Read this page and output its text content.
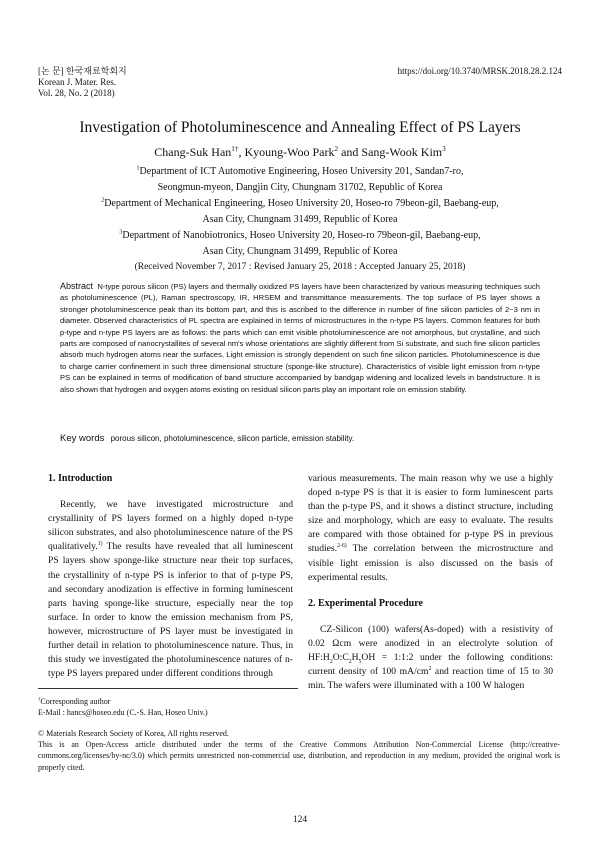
[논 문] 한국재료학회지
Korean J. Mater. Res.
Vol. 28, No. 2 (2018)
https://doi.org/10.3740/MRSK.2018.28.2.124
Investigation of Photoluminescence and Annealing Effect of PS Layers
Chang-Suk Han$^{1\dagger}$, Kyoung-Woo Park$^2$ and Sang-Wook Kim$^3$
$^1$Department of ICT Automotive Engineering, Hoseo University 201, Sandan7-ro,
Seongmun-myeon, Dangjin City, Chungnam 31702, Republic of Korea
$^2$Department of Mechanical Engineering, Hoseo University 20, Hoseo-ro 79beon-gil, Baebang-eup,
Asan City, Chungnam 31499, Republic of Korea
$^3$Department of Nanobiotronics, Hoseo University 20, Hoseo-ro 79beon-gil, Baebang-eup,
Asan City, Chungnam 31499, Republic of Korea
(Received November 7, 2017 : Revised January 25, 2018 : Accepted January 25, 2018)
Abstract N-type porous silicon (PS) layers and thermally oxidized PS layers have been characterized by various measuring techniques such as photoluminescence (PL), Raman spectroscopy, IR, HRSEM and transmittance measurements. The top surface of PS layer shows a stronger photoluminescence peak than its bottom part, and this is ascribed to the difference in number of fine silicon particles of 2~3 nm in diameter. Observed characteristics of PL spectra are explained in terms of microstructures in the n-type PS layers. Common features for both p-type and n-type PS layers are as follows: the parts which can emit visible photoluminescence are not amorphous, but crystalline, and such parts are composed of nanocrystallites of several nm's whose orientations are slightly different from Si substrate, and such fine silicon particles absorb much hydrogen atoms near the surfaces. Light emission is strongly dependent on such fine silicon particles. Photoluminescence is due to charge carrier confinement in such three dimensional structure (sponge-like structure). Characteristics of visible light emission from n-type PS can be explained in terms of modification of band structure accompanied by bandgap widening and localized levels in bandstructure. It is also shown that hydrogen and oxygen atoms existing on residual silicon parts play an important role on emission stability.
Key words porous silicon, photoluminescence, silicon particle, emission stability.
1. Introduction

Recently, we have investigated microstructure and crystallinity of PS layers formed on a highly doped n-type silicon substrates, and also photoluminescence nature of the PS qualitatively.$^{1)}$ The results have revealed that all luminescent PS layers show sponge-like structure near their top surfaces, the crystallinity of n-type PS is inferior to that of p-type PS, and secondary anodization is effective in forming luminescent parts having sponge-like structure, especially near the top surface. In order to know the emission mechanism from PS, however, microstructure of PS layer must be investigated in further detail in relation to photoluminescence nature. Thus, in this study we investigated the photoluminescence natures of n-type PS layers prepared under different conditions through

various measurements. The main reason why we use a highly doped n-type PS is that it is easier to form luminescent parts than the p-type PS, and it shows a distinct structure, including size and morphology, which are easy to evaluate. The results are compared with those obtained for p-type PS in previous studies.$^{2-6)}$ The correlation between the microstructure and visible light emission is also discussed on the basis of experimental results.

2. Experimental Procedure

CZ-Silicon (100) wafers(As-doped) with a resistivity of 0.02 Ωcm were anodized in an electrolyte solution of $HF:H_2O:C_2H_5OH$ = 1:1:2 under the following conditions: current density of 100 $mA/cm^2$ and reaction time of 15 to 30 min. The wafers were illuminated with a 100 W halogen

†Corresponding author

E-Mail : hancs@hoseo.edu (C.-S. Han, Hoseo Univ.)

© Materials Research Society of Korea, All rights reserved.

This is an Open-Access article distributed under the terms of the Creative Commons Attribution Non-Commercial License (http://creative-commons.org/licenses/by-nc/3.0) which permits unrestricted non-commercial use, distribution, and reproduction in any medium, provided the original work is properly cited.

124
